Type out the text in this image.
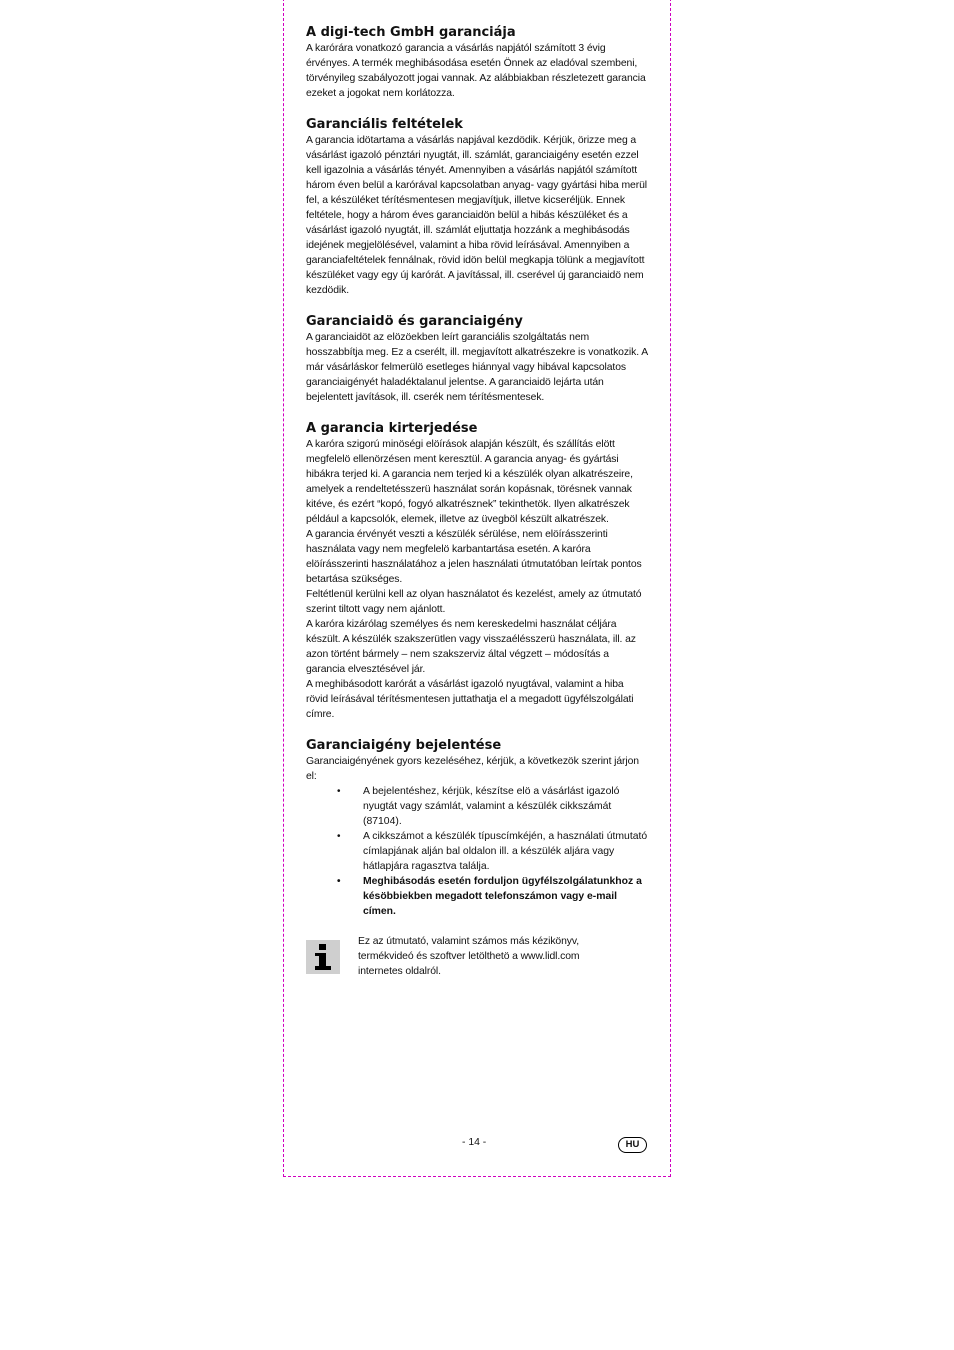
A digi-tech GmbH garanciája

A karórára vonatkozó garancia a vásárlás napjától számított 3 évig érvényes. A termék meghibásodása esetén Önnek az eladóval szembeni, törvényileg szabályozott jogai vannak. Az alábbiakban részletezett garancia ezeket a jogokat nem korlátozza.

Garanciális feltételek

A garancia idötartama a vásárlás napjával kezdödik. Kérjük, örizze meg a vásárlást igazoló pénztári nyugtát, ill. számlát, garanciaigény esetén ezzel kell igazolnia a vásárlás tényét. Amennyiben a vásárlás napjától számított három éven belül a karórával kapcsolatban anyag- vagy gyártási hiba merül fel, a készüléket térítésmentesen megjavítjuk, illetve kicseréljük. Ennek feltétele, hogy a három éves garanciaidön belül a hibás készüléket és a vásárlást igazoló nyugtát, ill. számlát eljuttatja hozzánk a meghibásodás idejének megjelölésével, valamint a hiba rövid leírásával. Amennyiben a garanciafeltételek fennálnak, rövid idön belül megkapja tölünk a megjavított készüléket vagy egy új karórát. A javítással, ill. cserével új garanciaidö nem kezdödik.

Garanciaidö és garanciaigény

A garanciaidöt az elözöekben leírt garanciális szolgáltatás nem hosszabbítja meg. Ez a cserélt, ill. megjavított alkatrészekre is vonatkozik. A már vásárláskor felmerülö esetleges hiánnyal vagy hibával kapcsolatos garanciaigényét haladéktalanul jelentse. A garanciaidö lejárta után bejelentett javítások, ill. cserék nem térítésmentesek.

A garancia kirterjedése

A karóra szigorú minöségi elöírások alapján készült, és szállítás elött megfelelö ellenörzésen ment keresztül. A garancia anyag- és gyártási hibákra terjed ki. A garancia nem terjed ki a készülék olyan alkatrészeire, amelyek a rendeltetésszerü használat során kopásnak, törésnek vannak kitéve, és ezért “kopó, fogyó alkatrésznek” tekinthetök. Ilyen alkatrészek például a kapcsolók, elemek, illetve az üvegböl készült alkatrészek.

A garancia érvényét veszti a készülék sérülése, nem elöírásszerinti használata vagy nem megfelelö karbantartása esetén. A karóra elöírásszerinti használatához a jelen használati útmutatóban leírtak pontos betartása szükséges.

Feltétlenül kerülni kell az olyan használatot és kezelést, amely az útmutató szerint tiltott vagy nem ajánlott.

A karóra kizárólag személyes és nem kereskedelmi használat céljára készült. A készülék szakszerütlen vagy visszaélésszerü használata, ill. az azon történt bármely – nem szakszerviz által végzett – módosítás a garancia elvesztésével jár.

A meghibásodott karórát a vásárlást igazoló nyugtával, valamint a hiba rövid leírásával térítésmentesen juttathatja el a megadott ügyfélszolgálati címre.

Garanciaigény bejelentése

Garanciaigényének gyors kezeléséhez, kérjük, a következök szerint járjon el:

• A bejelentéshez, kérjük, készítse elö a vásárlást igazoló nyugtát vagy számlát, valamint a készülék cikkszámát (87104).
• A cikkszámot a készülék típuscímkéjén, a használati útmutató címlapjának alján bal oldalon ill. a készülék aljára vagy hátlapjára ragasztva találja.
• Meghibásodás esetén forduljon ügyfélszolgálatunkhoz a késöbbiekben megadott telefonszámon vagy e-mail címen.

Ez az útmutató, valamint számos más kézikönyv, termékvideó és szoftver letölthetö a www.lidl.com internetes oldalról.

- 14 -	HU
